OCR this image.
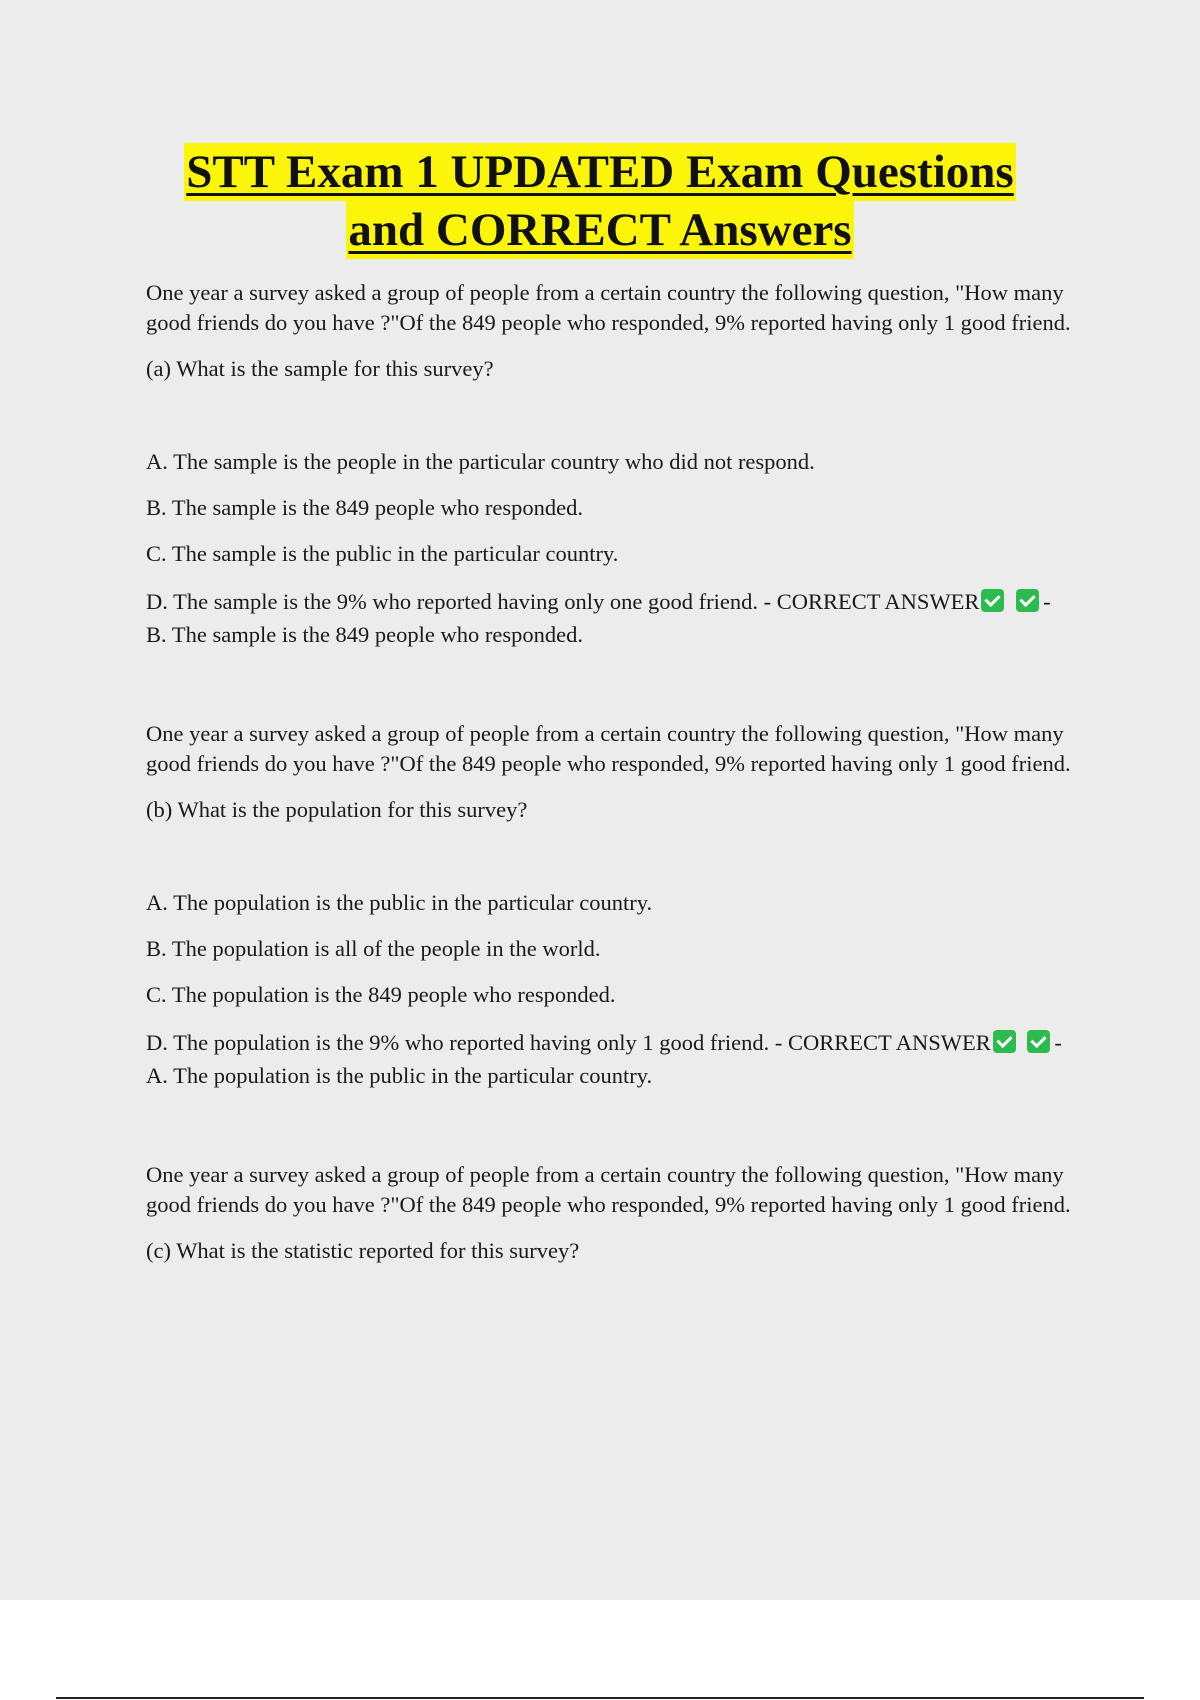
STT Exam 1 UPDATED Exam Questions
and CORRECT Answers

One year a survey asked a group of people from a certain country the following question, "How many good friends do you have ?"Of the 849 people who responded, 9% reported having only 1 good friend.

(a) What is the sample for this survey?

A. The sample is the people in the particular country who did not respond.

B. The sample is the 849 people who responded.

C. The sample is the public in the particular country.

D. The sample is the 9% who reported having only one good friend. - CORRECT ANSWER	- B. The sample is the 849 people who responded.

One year a survey asked a group of people from a certain country the following question, "How many good friends do you have ?"Of the 849 people who responded, 9% reported having only 1 good friend.

(b) What is the population for this survey?

A. The population is the public in the particular country.

B. The population is all of the people in the world.

C. The population is the 849 people who responded.

D. The population is the 9% who reported having only 1 good friend. - CORRECT ANSWER	- A. The population is the public in the particular country.

One year a survey asked a group of people from a certain country the following question, "How many good friends do you have ?"Of the 849 people who responded, 9% reported having only 1 good friend.

(c) What is the statistic reported for this survey?
